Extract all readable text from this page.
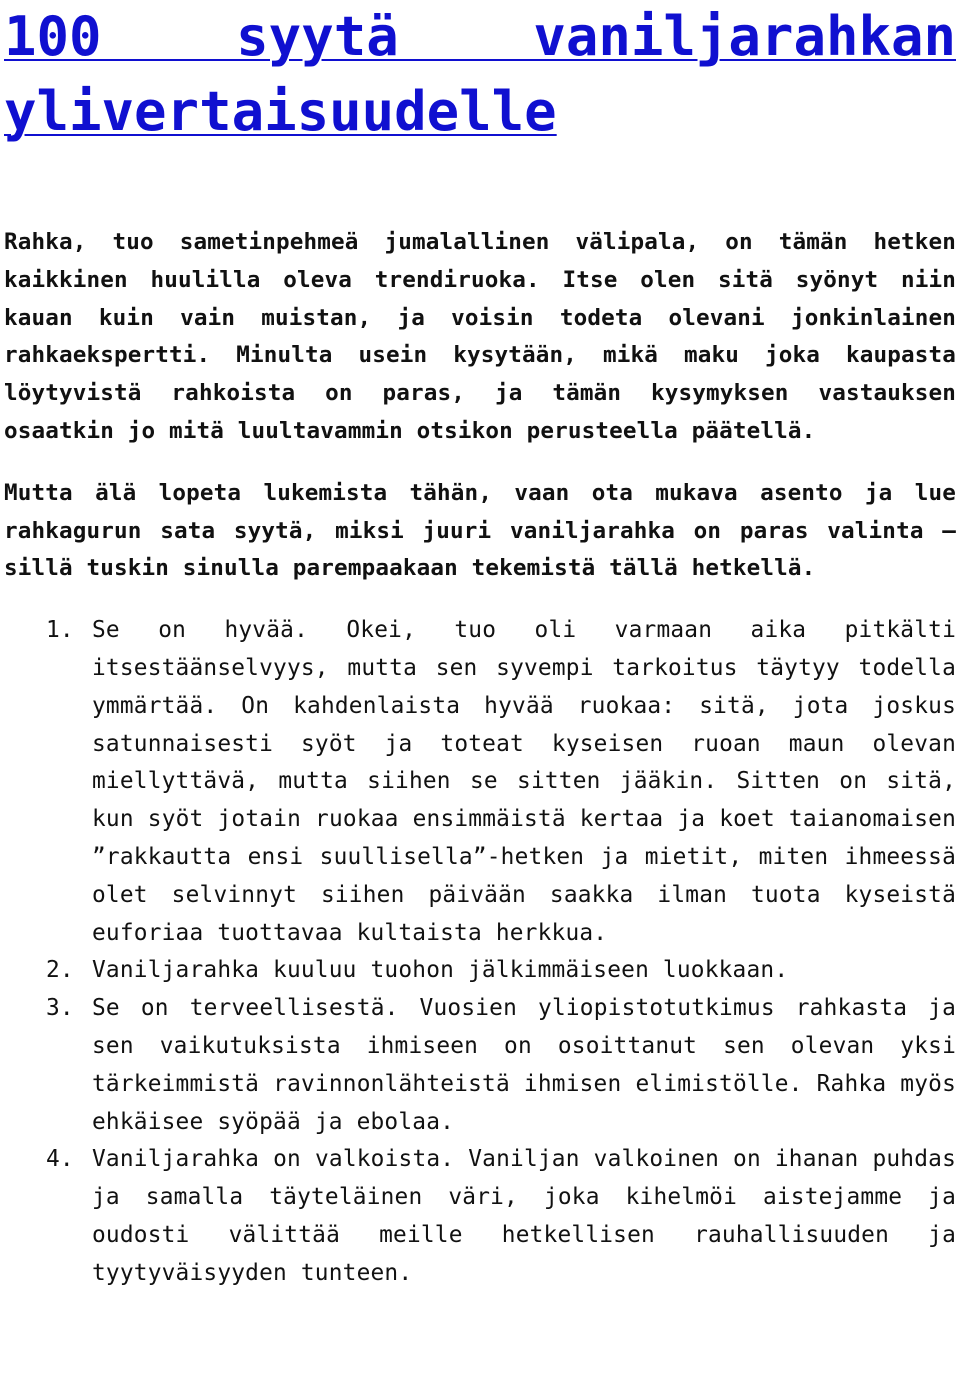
100 syytä vaniljarahkan ylivertaisuudelle

Rahka, tuo sametinpehmeä jumalallinen välipala, on tämän hetken kaikkinen huulilla oleva trendiruoka. Itse olen sitä syönyt niin kauan kuin vain muistan, ja voisin todeta olevani jonkinlainen rahkaekspertti. Minulta usein kysytään, mikä maku joka kaupasta löytyvistä rahkoista on paras, ja tämän kysymyksen vastauksen osaatkin jo mitä luultavammin otsikon perusteella päätellä.

Mutta älä lopeta lukemista tähän, vaan ota mukava asento ja lue rahkagurun sata syytä, miksi juuri vaniljarahka on paras valinta – sillä tuskin sinulla parempaakaan tekemistä tällä hetkellä.

1. Se on hyvää. Okei, tuo oli varmaan aika pitkälti itsestäänselvyys, mutta sen syvempi tarkoitus täytyy todella ymmärtää. On kahdenlaista hyvää ruokaa: sitä, jota joskus satunnaisesti syöt ja toteat kyseisen ruoan maun olevan miellyttävä, mutta siihen se sitten jääkin. Sitten on sitä, kun syöt jotain ruokaa ensimmäistä kertaa ja koet taianomaisen ”rakkautta ensi suullisella”-hetken ja mietit, miten ihmeessä olet selvinnyt siihen päivään saakka ilman tuota kyseistä euforiaa tuottavaa kultaista herkkua.
2. Vaniljarahka kuuluu tuohon jälkimmäiseen luokkaan.
3. Se on terveellisestä. Vuosien yliopistotutkimus rahkasta ja sen vaikutuksista ihmiseen on osoittanut sen olevan yksi tärkeimmistä ravinnonlähteistä ihmisen elimistölle. Rahka myös ehkäisee syöpää ja ebolaa.
4. Vaniljarahka on valkoista. Vaniljan valkoinen on ihanan puhdas ja samalla täyteläinen väri, joka kihelmöi aistejamme ja oudosti välittää meille hetkellisen rauhallisuuden ja tyytyväisyyden tunteen.
